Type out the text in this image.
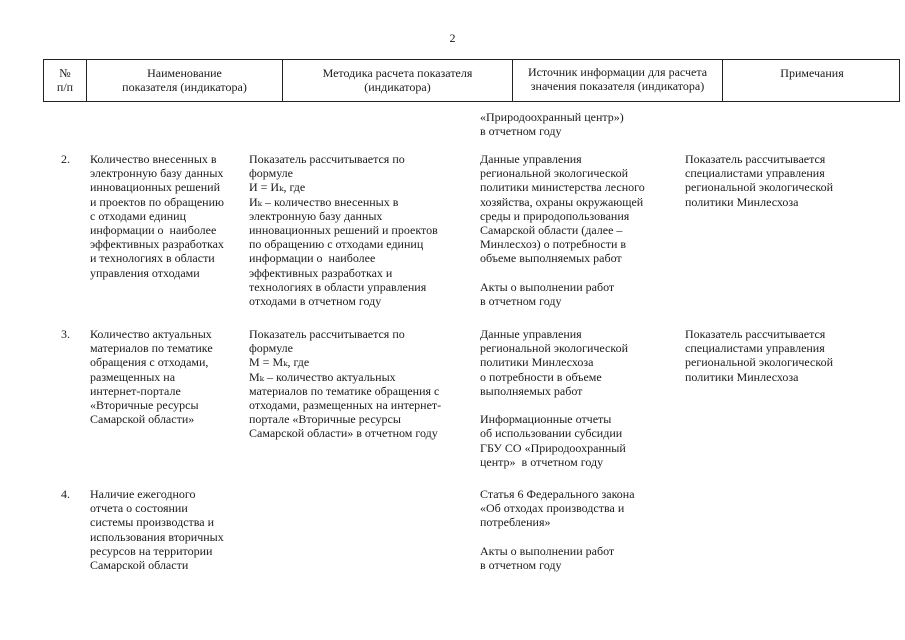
2
№
п/п
Наименование
показателя (индикатора)
Методика расчета показателя
(индикатора)
Источник информации для расчета
значения показателя (индикатора)
Примечания
«Природоохранный центр»)
в отчетном году
2. Количество внесенных в
электронную базу данных
инновационных решений
и проектов по обращению
с отходами единиц
информации о  наиболее
эффективных разработках
и технологиях в области
управления отходами
Показатель рассчитывается по
формуле
И = Иₖ, где
Иₖ – количество внесенных в
электронную базу данных
инновационных решений и проектов
по обращению с отходами единиц
информации о  наиболее
эффективных разработках и
технологиях в области управления
отходами в отчетном году
Данные управления
региональной экологической
политики министерства лесного
хозяйства, охраны окружающей
среды и природопользования
Самарской области (далее –
Минлесхоз) о потребности в
объеме выполняемых работ

Акты о выполнении работ
в отчетном году
Показатель рассчитывается
специалистами управления
региональной экологической
политики Минлесхоза
3. Количество актуальных
материалов по тематике
обращения с отходами,
размещенных на
интернет-портале
«Вторичные ресурсы
Самарской области»
Показатель рассчитывается по
формуле
М = Мₖ, где
Мₖ – количество актуальных
материалов по тематике обращения с
отходами, размещенных на интернет-
портале «Вторичные ресурсы
Самарской области» в отчетном году
Данные управления
региональной экологической
политики Минлесхоза
о потребности в объеме
выполняемых работ

Информационные отчеты
об использовании субсидии
ГБУ СО «Природоохранный
центр»  в отчетном году
Показатель рассчитывается
специалистами управления
региональной экологической
политики Минлесхоза
4. Наличие ежегодного
отчета о состоянии
системы производства и
использования вторичных
ресурсов на территории
Самарской области
Статья 6 Федерального закона
«Об отходах производства и
потребления»

Акты о выполнении работ
в отчетном году
